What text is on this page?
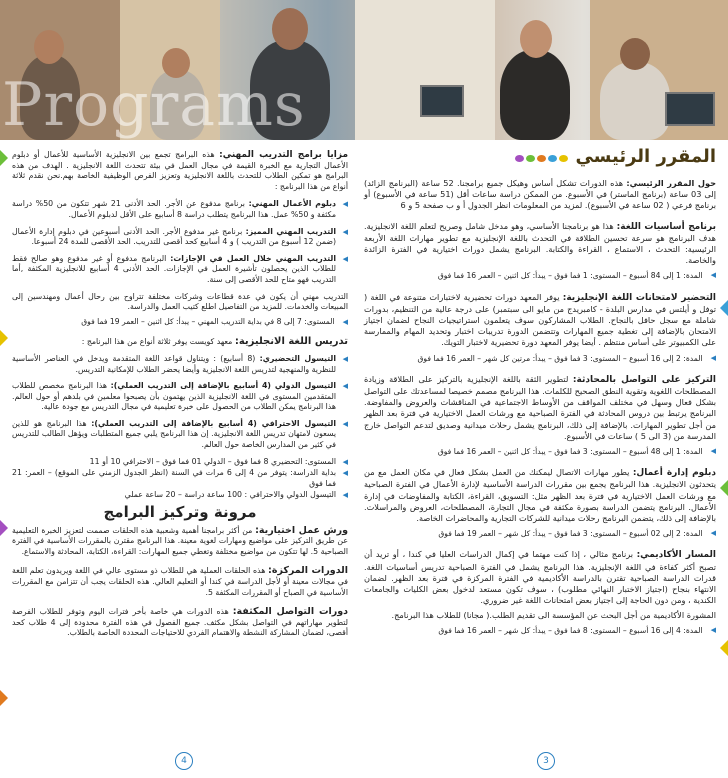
Programs
المقرر الرئيسي
حول المقرر الرئيسي: هذه الدورات تشكل أساس وهيكل جميع برامجنا. 52 ساعة (البرنامج الزائد) إلى 03 ساعة (برنامج الماستر) في الأسبوع. من الممكن دراسة ساعات أقل (51 ساعة في الأسبوع) أو برنامج فرعي ( 02 ساعة في الأسبوع). لمزيد من المعلومات انظر الجدول أ و ب صفحة 5 و 6
برنامج أساسيات اللغة: هذا هو برنامجنا الأساسي، وهو مدخل شامل وصريح لتعلم اللغة الانجليزية. هدف البرنامج هو سرعة تحسين الطلاقة في التحدث باللغة الإنجليزية مع تطوير مهارات اللغة الأربعة الرئيسية: التحدث ، الاستماع ، القراءة والكتابة. البرنامج يشمل دورات اختيارية في الفترة الزائدة والخاصة.
◀
المدة: 1 إلى 84 أسبوع – المستوى: 1 فما فوق – يبدأ: كل اثنين – العمر 16 فما فوق
التحضير لامتحانات اللغة الإنجليزية: يوفر المعهد دورات تحضيرية لاختبارات متنوعة في اللغة ( توفل و أيلتس في مدارس البلدة - كامبريدج من مايو الى سبتمبر) على درجة عالية من التنظيم، بدورات شاملة مع سجل حافل بالنجاح. الطلاب المشاركون سوف يتعلمون استراتيجيات النجاح لضمان اجتياز الامتحان بالإضافة إلى تغطية جميع المهارات وتتضمن الدورة تدريبات اختبار وتحديد المهام والممارسة على الكمبيوتر على أساس منتظم . أيضا يوفر المعهد دورة تحضيرية لاختبار التويك.
◀
المدة: 2 إلى 16 أسبوع – المستوى: 3 فما فوق – يبدأ: مرتين كل شهر – العمر 16 فما فوق
التركيز على التواصل بالمحادثة: لتطوير الثقة باللغة الإنجليزية بالتركيز على الطلاقة وزيادة المصطلحات اللغوية وتقوية النطق الصحيح للكلمات. هذا البرنامج مصمم خصيصا لمساعدتك على التواصل بشكل فعال وسهل في مختلف المواقف من الأوساط الاجتماعية في المناقشات والعروض والمفاوضة. البرنامج يرتبط بين دروس المحادثة في الفترة الصباحية مع ورشات العمل الاختيارية في فترة بعد الظهر من أجل تطوير المهارات. بالإضافة إلى ذلك، البرنامج يشمل رحلات ميدانية وصديق لتدعم التواصل خارج المدرسة من (3 الى 5 ) ساعات في الأسبوع.
◀
المدة: 1 إلى 48 أسبوع – المستوى: 3 فما فوق – يبدأ: كل اثنين – العمر 16 فما فوق
دبلوم إدارة أعمال: يطور مهارات الاتصال ليمكنك من العمل بشكل فعال في مكان العمل مع من يتحدثون الانجليزية. هذا البرنامج يجمع بين مقررات الدراسة الأساسية لإدارة الأعمال في الفترة الصباحية مع ورشات العمل الاختيارية في فترة بعد الظهر مثل: التسويق، القراءة، الكتابة والمفاوضات في إدارة الأعمال. البرنامج يتضمن الدراسة بصورة مكثفة في مجال التجارة، المصطلحات، العروض والمراسلات. بالإضافة إلى ذلك، يتضمن البرنامج رحلات ميدانية للشركات التجارية والمحاضرات الخاصة.
◀
المدة: 2 إلى 02 أسبوع – المستوى: 3 فما فوق – يبدأ: كل شهر – العمر 19 فما فوق
المسار الأكاديمي: برنامج مثالي ، إذا كنت مهتما في إكمال الدراسات العليا في كندا ، أو تريد أن تصبح أكثر كفاءة في اللغة الإنجليزية. هذا البرنامج يشمل في الفترة الصباحية تدريس أساسيات اللغة. قدرات الدراسة الصباحية تقترن بالدراسة الأكاديمية في الفترة المركزة في فترة بعد الظهر. لضمان الانتهاء بنجاح (اجتياز الاختبار النهائي مطلوب) ، سوف تكون مستعد لدخول بعض الكليات والجامعات الكندية ، ومن دون الحاجة إلى اجتياز بعض امتحانات اللغة غير ضروري.
المشورة الأكاديمية من أجل البحث عن المؤسسة الى تقديم الطلب.( مجانا) للطلاب هذا البرنامج.
◀
المدة: 4 إلى 16 أسبوع – المستوى: 8 فما فوق – يبدأ: كل شهر – العمر 16 فما فوق
مزايا برامج التدريب المهني: هذه البرامج تجمع بين الانجليزية الأساسية للأعمال أو دبلوم الأعمال التجارية مع الخبرة القيمة في مجال العمل في بيئة تتحدث اللغة الانجليزية . الهدف من هذه البرامج هو تمكين الطلاب للتحدث باللغة الانجليزية وتعزيز الفرص الوظيفية الخاصة بهم.نحن نقدم ثلاثة أنواع من هذا البرنامج :
◀ دبلوم الأعمال المهني: برنامج مدفوع عن الأجر. الحد الأدنى 21 شهر تتكون من 50% دراسة مكثفة و 50% عمل. هذا البرنامج يتطلب دراسة 8 أسابيع على الأقل لدبلوم الأعمال.
◀ التدريب المهني المميز: برنامج غير مدفوع الأجر. الحد الأدنى أسبوعين في دبلوم إدارة الأعمال (ضمن 12 أسبوع من التدريب ) و 4 أسابيع كحد أقصى للتدريب. الحد الأقصى للمدة 24 أسبوعا.
◀ التدريب المهني خلال العمل في الإجازات: البرنامج مدفوع أو غير مدفوع وهو صالح فقط للطلاب الذين يحصلون تأشيرة العمل في الإجازات. الحد الأدنى 4 أسابيع للانجليزية المكثفة ,أما التدريب فهو متاح للحد الأقصى إلى سنة.
التدريب مهني أن يكون في عدة قطاعات وشركات مختلفة تتراوح بين رحال أعمال ومهندسين إلى المبيعات والخدمات. للمزيد من التفاصيل اطلع كتيب العمل والدراسة.
◀
المستوى: 7 إلى 8 في بداية التدريب المهني – يبدأ: كل اثنين – العمر 19 فما فوق
تدريس اللغة الانجليزية: معهد كويست يوفر ثلاثة أنواع من هذا البرنامج :
◀ التيسول التحضيري: (8 أسابيع) : ويتناول قواعد اللغة المتقدمة ويدخل في العناصر الأساسية للنظرية والمنهجية لتدريس اللغة الانجليزية وأيضا يحضر الطلاب للإمكانية التدريس.
◀ التيسول الدولي (4 أسابيع بالإضافة إلى التدريب العملي): هذا البرنامج مخصص للطلاب المتقدمين المستوى في اللغة الانجليزية الذين يهتمون بأن يصبحوا معلمين في بلدهم أو حول العالم. هذا البرنامج يمكن الطلاب من الحصول على خبرة تعليمية في مجال التدريس مع جودة عالية.
◀ التيسول الاحترافي (4 أسابيع بالإضافة إلى التدريب العملي): هذا البرنامج هو للذين يسعون لامتهان تدريس اللغة الانجليزية. إن هذا البرنامج يلبي جميع المتطلبات ويؤهل الطالب للتدريس في كثير من المدارس الخاصة حول العالم.
◀ المستوى: التحضيري 8 فما فوق – الدولي 01 فما فوق – الاحترافي 10 أو 11
◀ بداية الدراسة: يتوفر من 4 إلى 6 مرات في السنة (انظر الجدول الزمني على الموقع) – العمر: 21 فما فوق
◀ التيسول الدولي والاحترافي : 100 ساعة دراسة – 20 ساعة عملي
مرونة وتركيز البرامج
ورش عمل اختيارية: من أكثر برامجنا أهمية وشعبية هذه الحلقات صممت لتعزيز الخبرة التعليمية عن طريق التركيز على مواضيع ومهارات لغوية معينة. هذا البرنامج مقترن بالمقررات الأساسية في الفترة الصباحية 5. لها تتكون من مواضيع مختلفة وتغطي جميع المهارات: القراءة، الكتابة، المحادثة والاستماع.
الدورات المركزة: هذه الحلقات العملية هي للطلاب ذو مستوى عالي في اللغة ويريدون تعلم اللغة في مجالات معينة أو لأجل الدراسة في كندا أو التعليم العالي. هذه الحلقات يجب أن تتزامن مع المقررات الأساسية في الصباح أو المقررات المكثفة 5.
دورات التواصل المكثفة: هذه الدورات هي خاصة بأخر فترات اليوم وتوفر للطلاب الفرصة لتطوير مهاراتهم في التواصل بشكل مكثف. جميع الفصول في هذه الفترة محدودة إلى 4 طلاب كحد أقصى، لضمان المشاركة النشطة والاهتمام الفردي للاحتياجات المحددة الخاصة بالطلاب.
4	3
